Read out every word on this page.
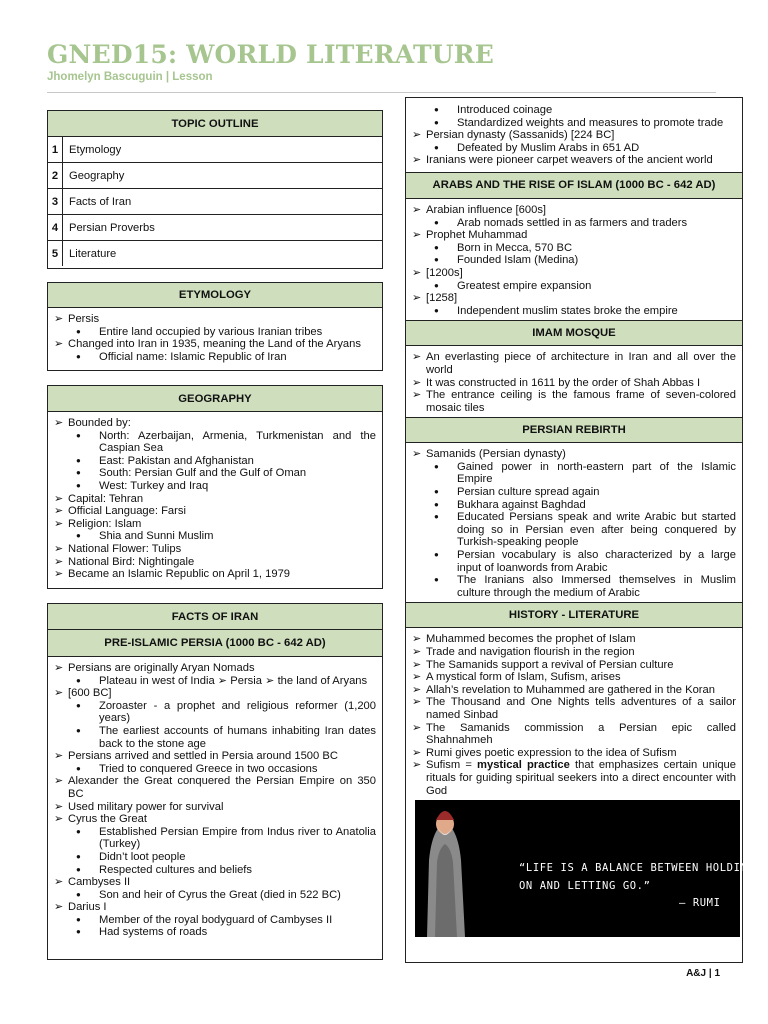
GNED15: WORLD LITERATURE
Jhomelyn Bascuguin | Lesson
TOPIC OUTLINE
1	Etymology
2	Geography
3	Facts of Iran
4	Persian Proverbs
5	Literature
ETYMOLOGY

➢ Persis

● Entire land occupied by various Iranian tribes

➢ Changed into Iran in 1935, meaning the Land of the Aryans

● Official name: Islamic Republic of Iran

GEOGRAPHY

➢ Bounded by:

● North: Azerbaijan, Armenia, Turkmenistan and the Caspian Sea

● East: Pakistan and Afghanistan

● South: Persian Gulf and the Gulf of Oman

● West: Turkey and Iraq

➢ Capital: Tehran

➢ Official Language: Farsi

➢ Religion: Islam

● Shia and Sunni Muslim

➢ National Flower: Tulips

➢ National Bird: Nightingale

➢ Became an Islamic Republic on April 1, 1979

FACTS OF IRAN
PRE-ISLAMIC PERSIA (1000 BC - 642 AD)

➢ Persians are originally Aryan Nomads

● Plateau in west of India ➢ Persia ➢ the land of Aryans

➢ [600 BC]

● Zoroaster - a prophet and religious reformer (1,200 years)

● The earliest accounts of humans inhabiting Iran dates back to the stone age

➢ Persians arrived and settled in Persia around 1500 BC

● Tried to conquered Greece in two occasions

➢ Alexander the Great conquered the Persian Empire on 350 BC

➢ Used military power for survival

➢ Cyrus the Great

● Established Persian Empire from Indus river to Anatolia (Turkey)

● Didn’t loot people

● Respected cultures and beliefs

➢ Cambyses II

● Son and heir of Cyrus the Great (died in 522 BC)

➢ Darius I

● Member of the royal bodyguard of Cambyses II

● Had systems of roads

● Introduced coinage

● Standardized weights and measures to promote trade

➢ Persian dynasty (Sassanids) [224 BC]

● Defeated by Muslim Arabs in 651 AD

➢ Iranians were pioneer carpet weavers of the ancient world

ARABS AND THE RISE OF ISLAM (1000 BC - 642 AD)

➢ Arabian influence [600s]

● Arab nomads settled in as farmers and traders

➢ Prophet Muhammad

● Born in Mecca, 570 BC

● Founded Islam (Medina)

➢ [1200s]

● Greatest empire expansion

➢ [1258]

● Independent muslim states broke the empire

IMAM MOSQUE

➢ An everlasting piece of architecture in Iran and all over the world

➢ It was constructed in 1611 by the order of Shah Abbas I

➢ The entrance ceiling is the famous frame of seven-colored mosaic tiles

PERSIAN REBIRTH

➢ Samanids (Persian dynasty)

● Gained power in north-eastern part of the Islamic Empire

● Persian culture spread again

● Bukhara against Baghdad

● Educated Persians speak and write Arabic but started doing so in Persian even after being conquered by Turkish-speaking people

● Persian vocabulary is also characterized by a large input of loanwords from Arabic

● The Iranians also Immersed themselves in Muslim culture through the medium of Arabic

HISTORY - LITERATURE

➢ Muhammed becomes the prophet of Islam

➢ Trade and navigation flourish in the region

➢ The Samanids support a revival of Persian culture

➢ A mystical form of Islam, Sufism, arises

➢ Allah’s revelation to Muhammed are gathered in the Koran

➢ The Thousand and One Nights tells adventures of a sailor named Sinbad

➢ The Samanids commission a Persian epic called Shahnahmeh

➢ Rumi gives poetic expression to the idea of Sufism

➢ Sufism = mystical practice that emphasizes certain unique rituals for guiding spiritual seekers into a direct encounter with God

“LIFE IS A BALANCE BETWEEN HOLDING
ON AND LETTING GO.”
— RUMI
A&J | 1
